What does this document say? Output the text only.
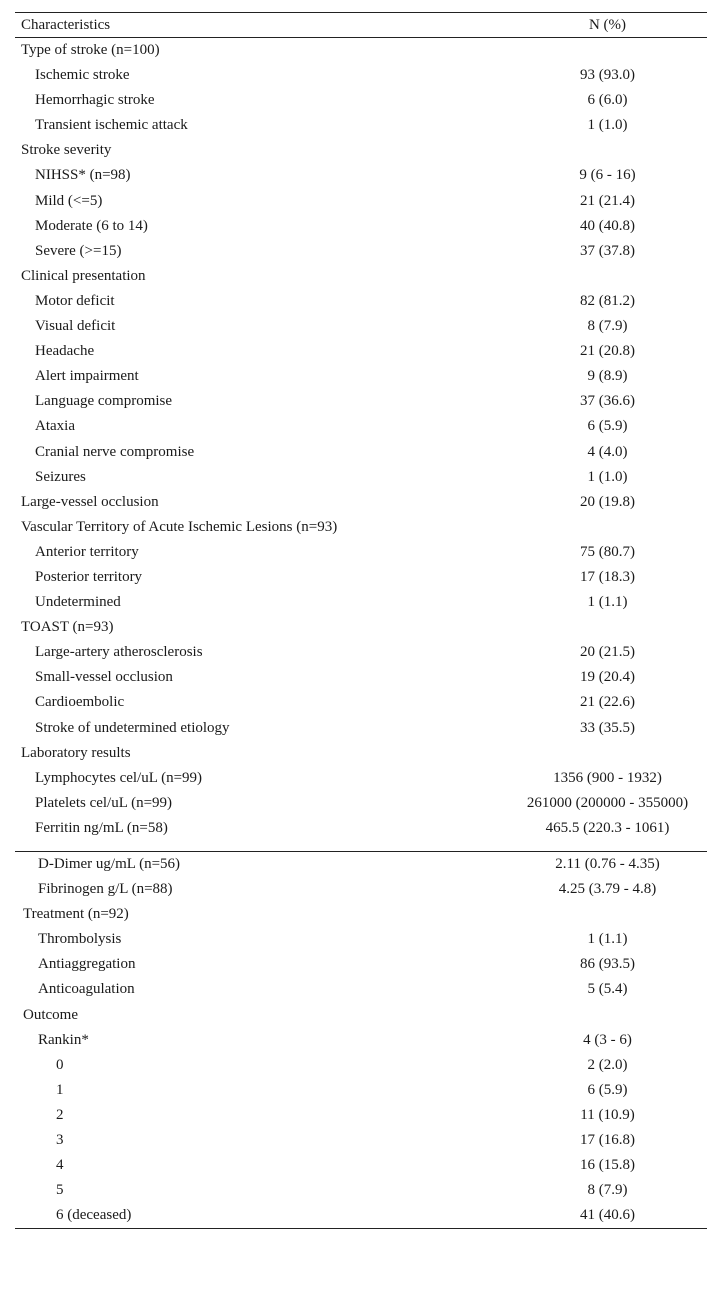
Characteristics	N (%)
Type of stroke (n=100)
Ischemic stroke	93 (93.0)
Hemorrhagic stroke	6 (6.0)
Transient ischemic attack	1 (1.0)
Stroke severity
NIHSS* (n=98)	9 (6 - 16)
Mild (<=5)	21 (21.4)
Moderate (6 to 14)	40 (40.8)
Severe (>=15)	37 (37.8)
Clinical presentation
Motor deficit	82 (81.2)
Visual deficit	8 (7.9)
Headache	21 (20.8)
Alert impairment	9 (8.9)
Language compromise	37 (36.6)
Ataxia	6 (5.9)
Cranial nerve compromise	4 (4.0)
Seizures	1 (1.0)
Large-vessel occlusion	20 (19.8)
Vascular Territory of Acute Ischemic Lesions (n=93)
Anterior territory	75 (80.7)
Posterior territory	17 (18.3)
Undetermined	1 (1.1)
TOAST (n=93)
Large-artery atherosclerosis	20 (21.5)
Small-vessel occlusion	19 (20.4)
Cardioembolic	21 (22.6)
Stroke of undetermined etiology	33 (35.5)
Laboratory results
Lymphocytes cel/uL (n=99)	1356 (900 - 1932)
Platelets cel/uL (n=99)	261000 (200000 - 355000)
Ferritin ng/mL (n=58)	465.5 (220.3 - 1061)
D-Dimer ug/mL (n=56)	2.11 (0.76 - 4.35)
Fibrinogen g/L (n=88)	4.25 (3.79 - 4.8)
Treatment (n=92)
Thrombolysis	1 (1.1)
Antiaggregation	86 (93.5)
Anticoagulation	5 (5.4)
Outcome
Rankin*	4 (3 - 6)
0	2 (2.0)
1	6 (5.9)
2	11 (10.9)
3	17 (16.8)
4	16 (15.8)
5	8 (7.9)
6 (deceased)	41 (40.6)
